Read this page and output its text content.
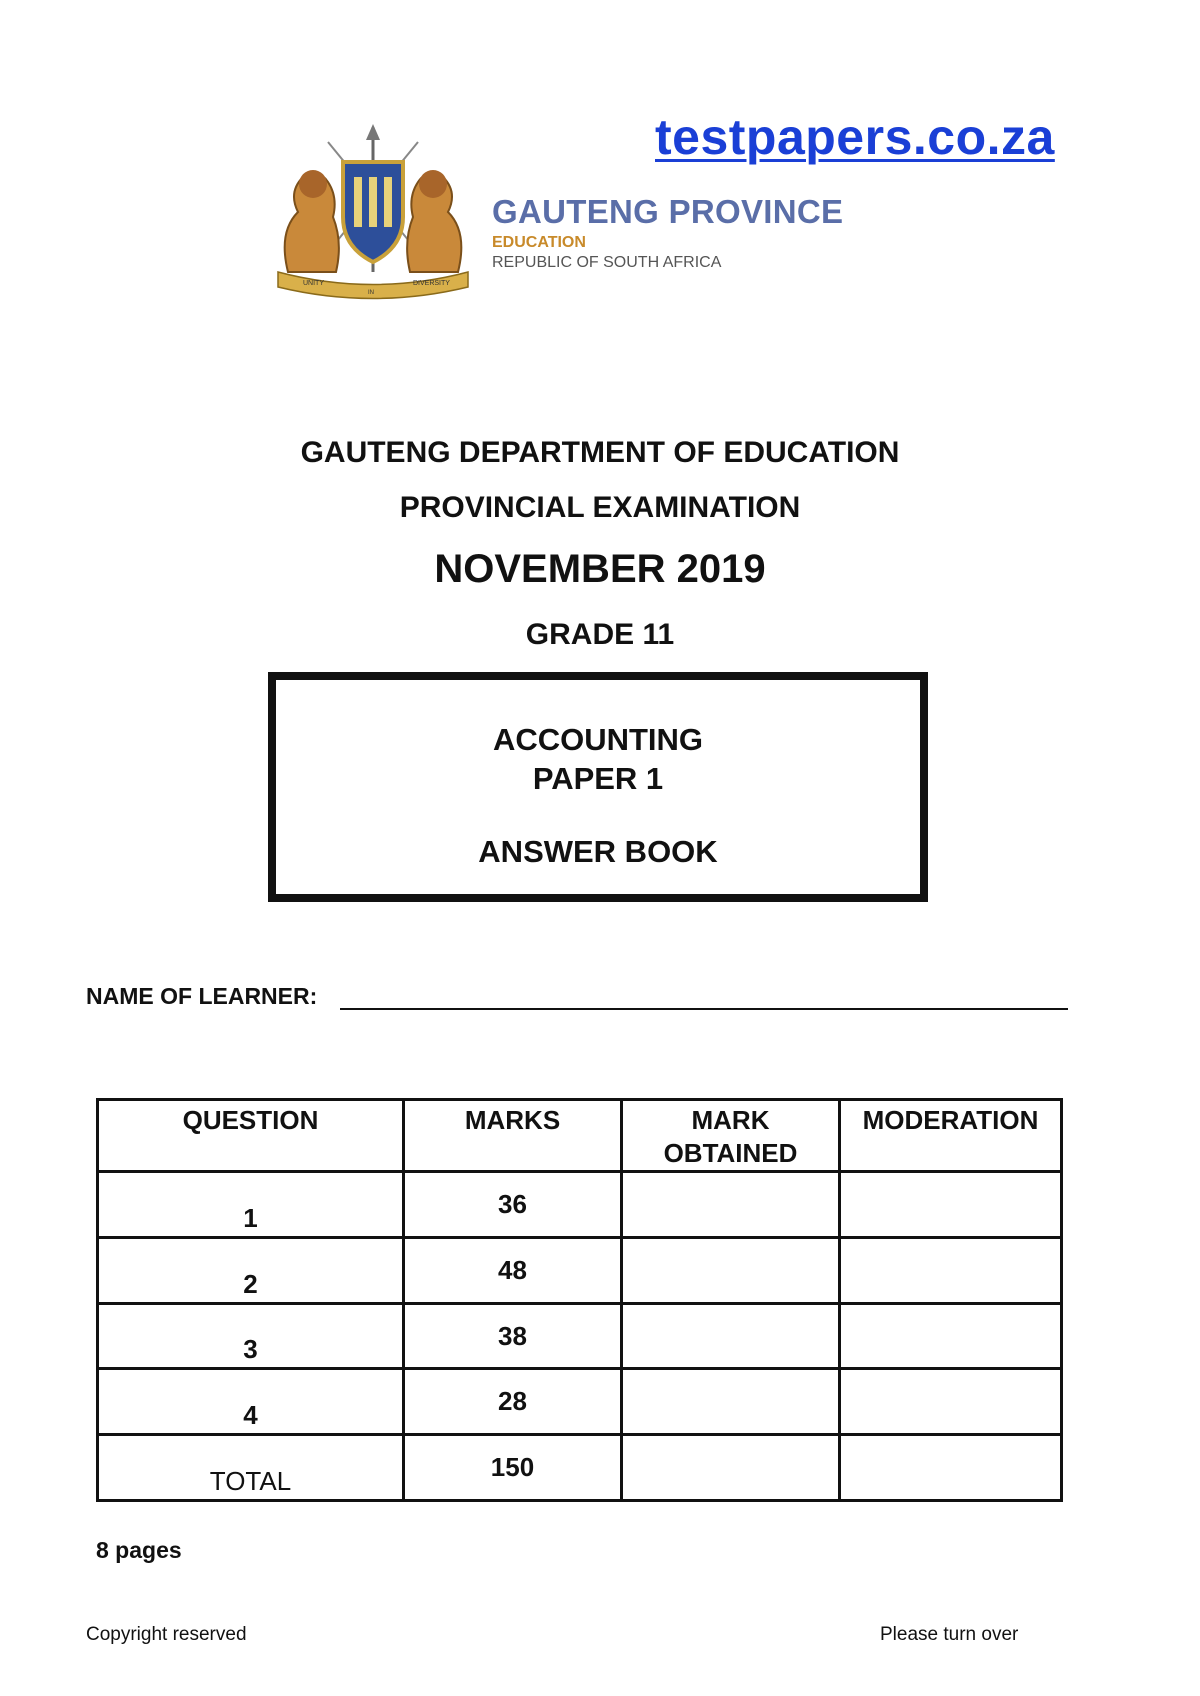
testpapers.co.za
UNITY
IN
DIVERSITY
GAUTENG PROVINCE
EDUCATION
REPUBLIC OF SOUTH AFRICA
GAUTENG DEPARTMENT OF EDUCATION
PROVINCIAL EXAMINATION
NOVEMBER 2019
GRADE 11
ACCOUNTING
PAPER 1
ANSWER BOOK
NAME OF LEARNER:
QUESTION	MARKS	MARK OBTAINED	MODERATION

1	36		

2	48		

3	38		

4	28		

TOTAL	150		

8 pages
Copyright reserved	Please turn over
